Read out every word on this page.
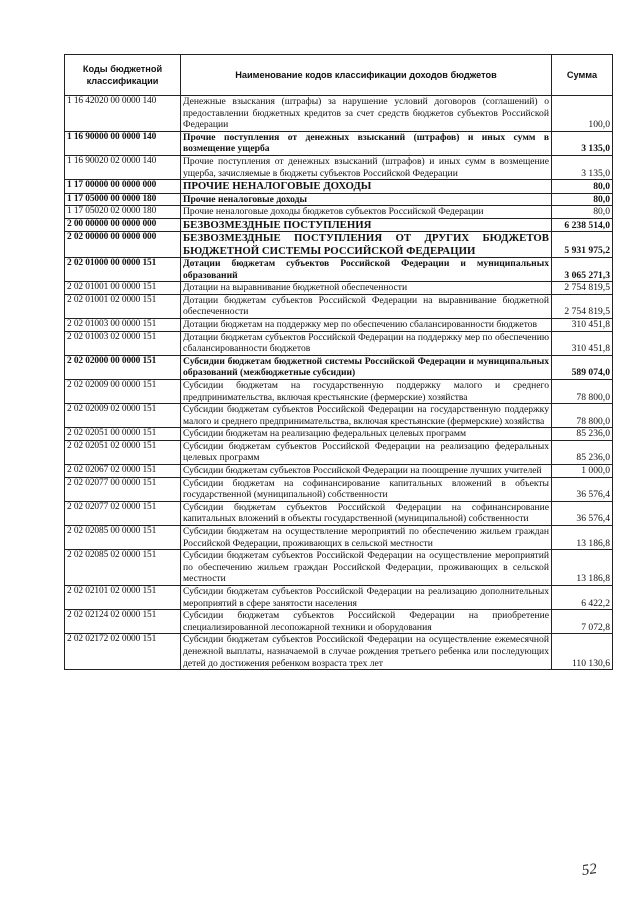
Коды бюджетной классификации	Наименование кодов классификации доходов бюджетов	Сумма
1 16 42020 00 0000 140	Денежные взыскания (штрафы) за нарушение условий договоров (соглашений) о предоставлении бюджетных кредитов за счет средств бюджетов субъектов Российской Федерации	100,0
1 16 90000 00 0000 140	Прочие поступления от денежных взысканий (штрафов) и иных сумм в возмещение ущерба	3 135,0
1 16 90020 02 0000 140	Прочие поступления от денежных взысканий (штрафов) и иных сумм в возмещение ущерба, зачисляемые в бюджеты субъектов Российской Федерации	3 135,0
1 17 00000 00 0000 000	ПРОЧИЕ НЕНАЛОГОВЫЕ ДОХОДЫ	80,0
1 17 05000 00 0000 180	Прочие неналоговые доходы	80,0
1 17 05020 02 0000 180	Прочие неналоговые доходы бюджетов субъектов Российской Федерации	80,0
2 00 00000 00 0000 000	БЕЗВОЗМЕЗДНЫЕ ПОСТУПЛЕНИЯ	6 238 514,0
2 02 00000 00 0000 000	БЕЗВОЗМЕЗДНЫЕ ПОСТУПЛЕНИЯ ОТ ДРУГИХ БЮДЖЕТОВ БЮДЖЕТНОЙ СИСТЕМЫ РОССИЙСКОЙ ФЕДЕРАЦИИ	5 931 975,2
2 02 01000 00 0000 151	Дотации бюджетам субъектов Российской Федерации и муниципальных образований	3 065 271,3
2 02 01001 00 0000 151	Дотации на выравнивание бюджетной обеспеченности	2 754 819,5
2 02 01001 02 0000 151	Дотации бюджетам субъектов Российской Федерации на выравнивание бюджетной обеспеченности	2 754 819,5
2 02 01003 00 0000 151	Дотации бюджетам на поддержку мер по обеспечению сбалансированности бюджетов	310 451,8
2 02 01003 02 0000 151	Дотации бюджетам субъектов Российской Федерации на поддержку мер по обеспечению сбалансированности бюджетов	310 451,8
2 02 02000 00 0000 151	Субсидии бюджетам бюджетной системы Российской Федерации и муниципальных образований (межбюджетные субсидии)	589 074,0
2 02 02009 00 0000 151	Субсидии бюджетам на государственную поддержку малого и среднего предпринимательства, включая крестьянские (фермерские) хозяйства	78 800,0
2 02 02009 02 0000 151	Субсидии бюджетам субъектов Российской Федерации на государственную поддержку малого и среднего предпринимательства, включая крестьянские (фермерские) хозяйства	78 800,0
2 02 02051 00 0000 151	Субсидии бюджетам на реализацию федеральных целевых программ	85 236,0
2 02 02051 02 0000 151	Субсидии бюджетам субъектов Российской Федерации на реализацию федеральных целевых программ	85 236,0
2 02 02067 02 0000 151	Субсидии бюджетам субъектов Российской Федерации на поощрение лучших учителей	1 000,0
2 02 02077 00 0000 151	Субсидии бюджетам на софинансирование капитальных вложений в объекты государственной (муниципальной) собственности	36 576,4
2 02 02077 02 0000 151	Субсидии бюджетам субъектов Российской Федерации на софинансирование капитальных вложений в объекты государственной (муниципальной) собственности	36 576,4
2 02 02085 00 0000 151	Субсидии бюджетам на осуществление мероприятий по обеспечению жильем граждан Российской Федерации, проживающих в сельской местности	13 186,8
2 02 02085 02 0000 151	Субсидии бюджетам субъектов Российской Федерации на осуществление мероприятий по обеспечению жильем граждан Российской Федерации, проживающих в сельской местности	13 186,8
2 02 02101 02 0000 151	Субсидии бюджетам субъектов Российской Федерации на реализацию дополнительных мероприятий в сфере занятости населения	6 422,2
2 02 02124 02 0000 151	Субсидии бюджетам субъектов Российской Федерации на приобретение специализированной лесопожарной техники и оборудования	7 072,8
2 02 02172 02 0000 151	Субсидии бюджетам субъектов Российской Федерации на осуществление ежемесячной денежной выплаты, назначаемой в случае рождения третьего ребенка или последующих детей до достижения ребенком возраста трех лет	110 130,6
52
